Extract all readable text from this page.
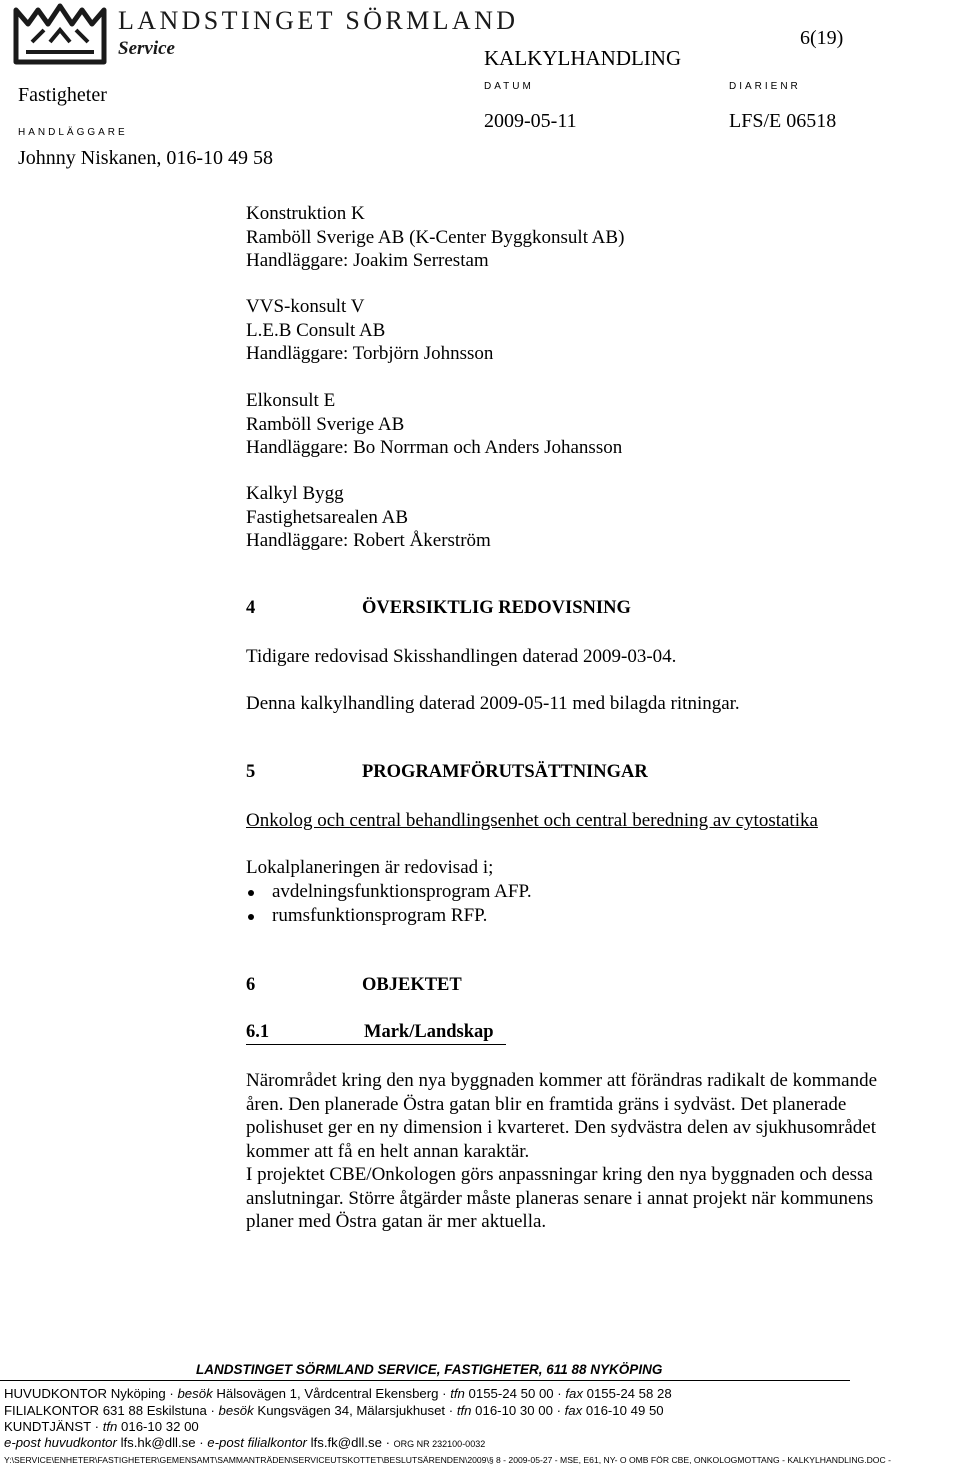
LANDSTINGET SÖRMLAND
Service	6(19)
KALKYLHANDLING
Fastigheter	DATUM	DIARIENR
HANDLÄGGARE
2009-05-11	LFS/E 06518
Johnny Niskanen, 016-10 49 58
Konstruktion K
Ramböll Sverige AB (K-Center Byggkonsult AB)
Handläggare: Joakim Serrestam
VVS-konsult V
L.E.B Consult AB
Handläggare: Torbjörn Johnsson
Elkonsult E
Ramböll Sverige AB
Handläggare: Bo Norrman och Anders Johansson
Kalkyl Bygg
Fastighetsarealen AB
Handläggare: Robert Åkerström
4	ÖVERSIKTLIG REDOVISNING
Tidigare redovisad Skisshandlingen daterad 2009-03-04.
Denna kalkylhandling daterad 2009-05-11 med bilagda ritningar.
5	PROGRAMFÖRUTSÄTTNINGAR
Onkolog och central behandlingsenhet och central beredning av cytostatika
Lokalplaneringen är redovisad i;
avdelningsfunktionsprogram AFP.
rumsfunktionsprogram RFP.
6	OBJEKTET
6.1	Mark/Landskap
Närområdet kring den nya byggnaden kommer att förändras radikalt de kommande åren. Den planerade Östra gatan blir en framtida gräns i sydväst. Det planerade polishuset ger en ny dimension i kvarteret. Den sydvästra delen av sjukhusområdet kommer att få en helt annan karaktär.
I projektet CBE/Onkologen görs anpassningar kring den nya byggnaden och dessa anslutningar. Större åtgärder måste planeras senare i annat projekt när kommunens planer med Östra gatan är mer aktuella.
LANDSTINGET SÖRMLAND SERVICE, FASTIGHETER, 611 88 NYKÖPING
HUVUDKONTOR Nyköping · besök Hälsovägen 1, Vårdcentral Ekensberg · tfn 0155-24 50 00 · fax 0155-24 58 28
FILIALKONTOR 631 88 Eskilstuna · besök Kungsvägen 34, Mälarsjukhuset · tfn 016-10 30 00 · fax 016-10 49 50
KUNDTJÄNST · tfn 016-10 32 00
e-post huvudkontor lfs.hk@dll.se · e-post filialkontor lfs.fk@dll.se · ORG NR 232100-0032
Y:\SERVICE\ENHETER\FASTIGHETER\GEMENSAMT\SAMMANTRÄDEN\SERVICEUTSKOTTET\BESLUTSÄRENDEN\2009\§ 8 - 2009-05-27 - MSE, E61, NY- O OMB FÖR CBE, ONKOLOGMOTTANG - KALKYLHANDLING.DOC -
